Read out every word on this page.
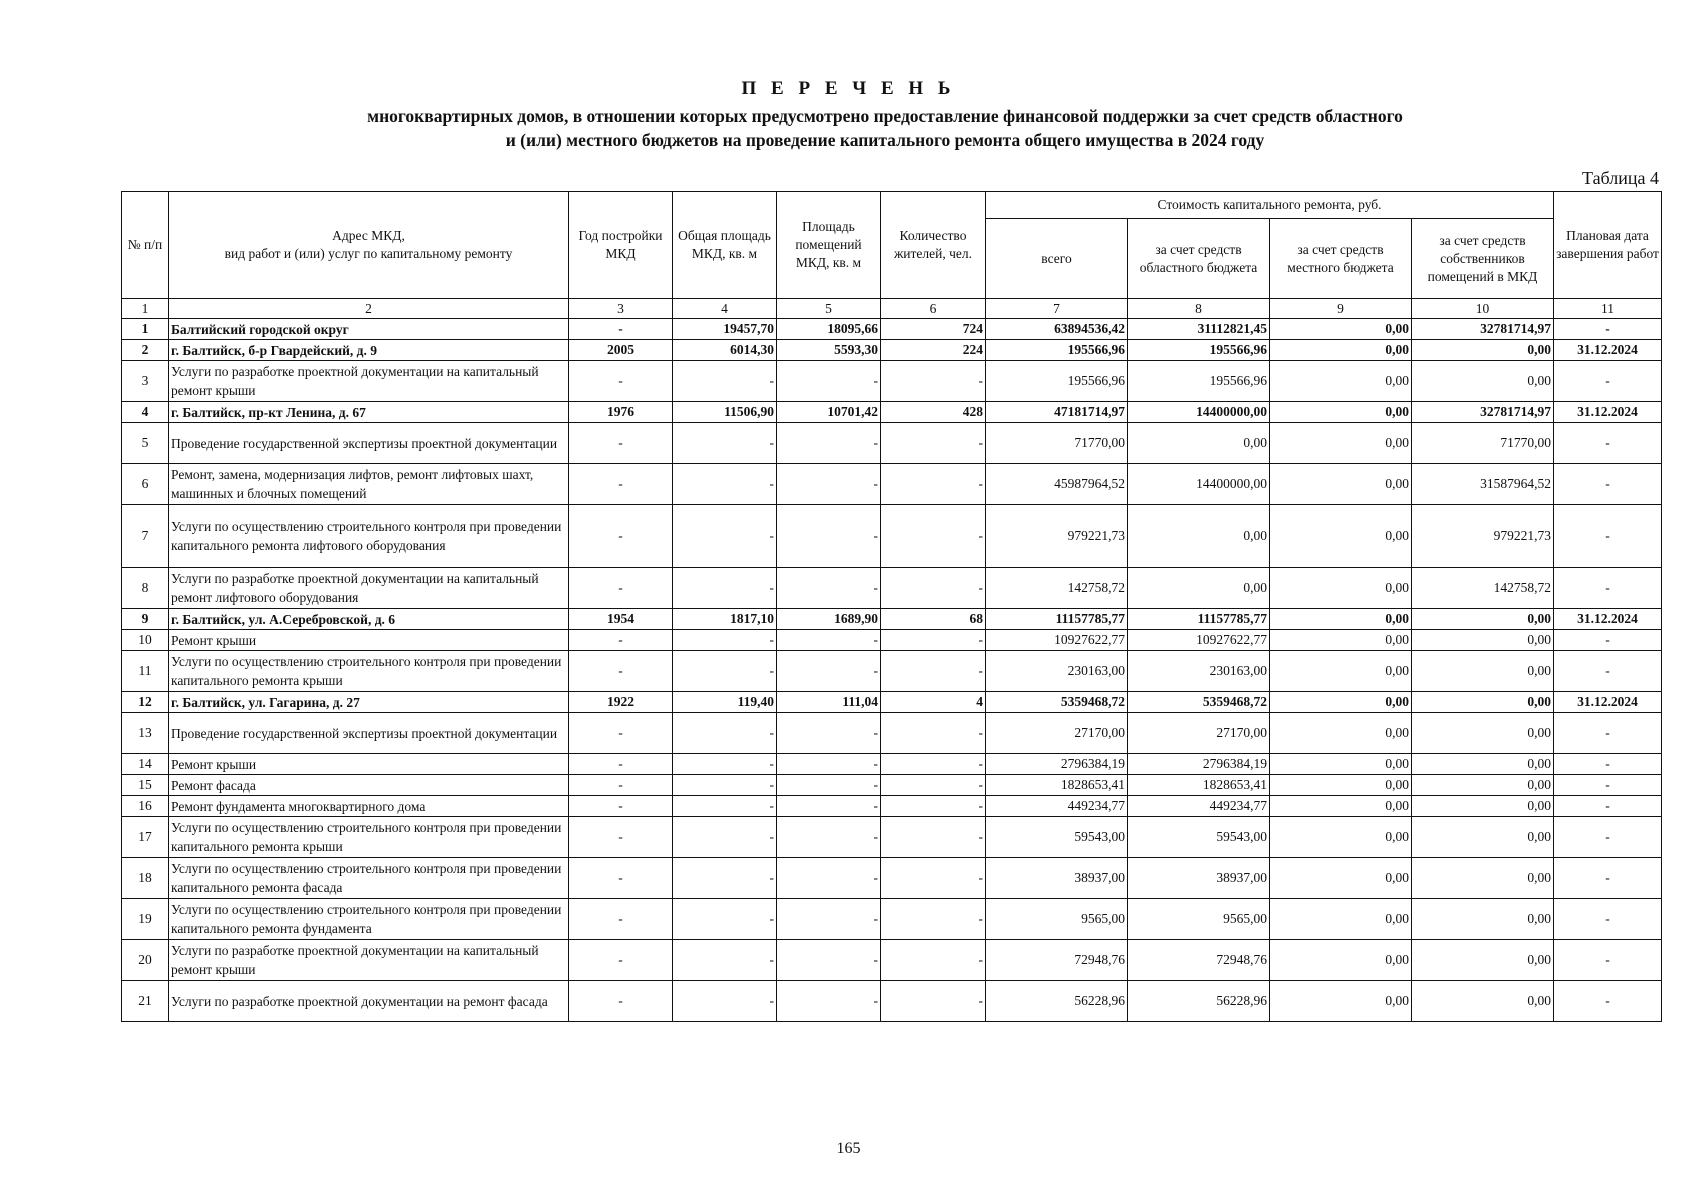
П Е Р Е Ч Е Н Ь
многоквартирных домов, в отношении которых предусмотрено предоставление финансовой поддержки за счет средств областного
и (или) местного бюджетов на проведение капитального ремонта общего имущества в 2024 году
Таблица 4
№ п/п	Адрес МКД,
вид работ и (или) услуг по капитальному ремонту	Год постройки МКД	Общая площадь МКД, кв. м	Площадь помещений МКД, кв. м	Количество жителей, чел.	Стоимость капитального ремонта, руб.				Плановая дата завершения работ
						всего	за счет средств областного бюджета	за счет средств местного бюджета	за счет средств собственников помещений в МКД	
1	2	3	4	5	6	7	8	9	10	11
1	Балтийский городской округ	-	19457,70	18095,66	724	63894536,42	31112821,45	0,00	32781714,97	-
2	г. Балтийск, б-р Гвардейский, д. 9	2005	6014,30	5593,30	224	195566,96	195566,96	0,00	0,00	31.12.2024
3	Услуги по разработке проектной документации на капитальный ремонт крыши	-	-	-	-	195566,96	195566,96	0,00	0,00	-
4	г. Балтийск, пр-кт Ленина, д. 67	1976	11506,90	10701,42	428	47181714,97	14400000,00	0,00	32781714,97	31.12.2024
5	Проведение государственной экспертизы проектной документации	-	-	-	-	71770,00	0,00	0,00	71770,00	-
6	Ремонт, замена, модернизация лифтов, ремонт лифтовых шахт, машинных и блочных помещений	-	-	-	-	45987964,52	14400000,00	0,00	31587964,52	-
7	Услуги по осуществлению строительного контроля при проведении капитального ремонта лифтового оборудования	-	-	-	-	979221,73	0,00	0,00	979221,73	-
8	Услуги по разработке проектной документации на капитальный ремонт лифтового оборудования	-	-	-	-	142758,72	0,00	0,00	142758,72	-
9	г. Балтийск, ул. А.Серебровской, д. 6	1954	1817,10	1689,90	68	11157785,77	11157785,77	0,00	0,00	31.12.2024
10	Ремонт крыши	-	-	-	-	10927622,77	10927622,77	0,00	0,00	-
11	Услуги по осуществлению строительного контроля при проведении капитального ремонта крыши	-	-	-	-	230163,00	230163,00	0,00	0,00	-
12	г. Балтийск, ул. Гагарина, д. 27	1922	119,40	111,04	4	5359468,72	5359468,72	0,00	0,00	31.12.2024
13	Проведение государственной экспертизы проектной документации	-	-	-	-	27170,00	27170,00	0,00	0,00	-
14	Ремонт крыши	-	-	-	-	2796384,19	2796384,19	0,00	0,00	-
15	Ремонт фасада	-	-	-	-	1828653,41	1828653,41	0,00	0,00	-
16	Ремонт фундамента многоквартирного дома	-	-	-	-	449234,77	449234,77	0,00	0,00	-
17	Услуги по осуществлению строительного контроля при проведении капитального ремонта крыши	-	-	-	-	59543,00	59543,00	0,00	0,00	-
18	Услуги по осуществлению строительного контроля при проведении капитального ремонта фасада	-	-	-	-	38937,00	38937,00	0,00	0,00	-
19	Услуги по осуществлению строительного контроля при проведении капитального ремонта фундамента	-	-	-	-	9565,00	9565,00	0,00	0,00	-
20	Услуги по разработке проектной документации на капитальный ремонт крыши	-	-	-	-	72948,76	72948,76	0,00	0,00	-
21	Услуги по разработке проектной документации на ремонт фасада	-	-	-	-	56228,96	56228,96	0,00	0,00	-
165
